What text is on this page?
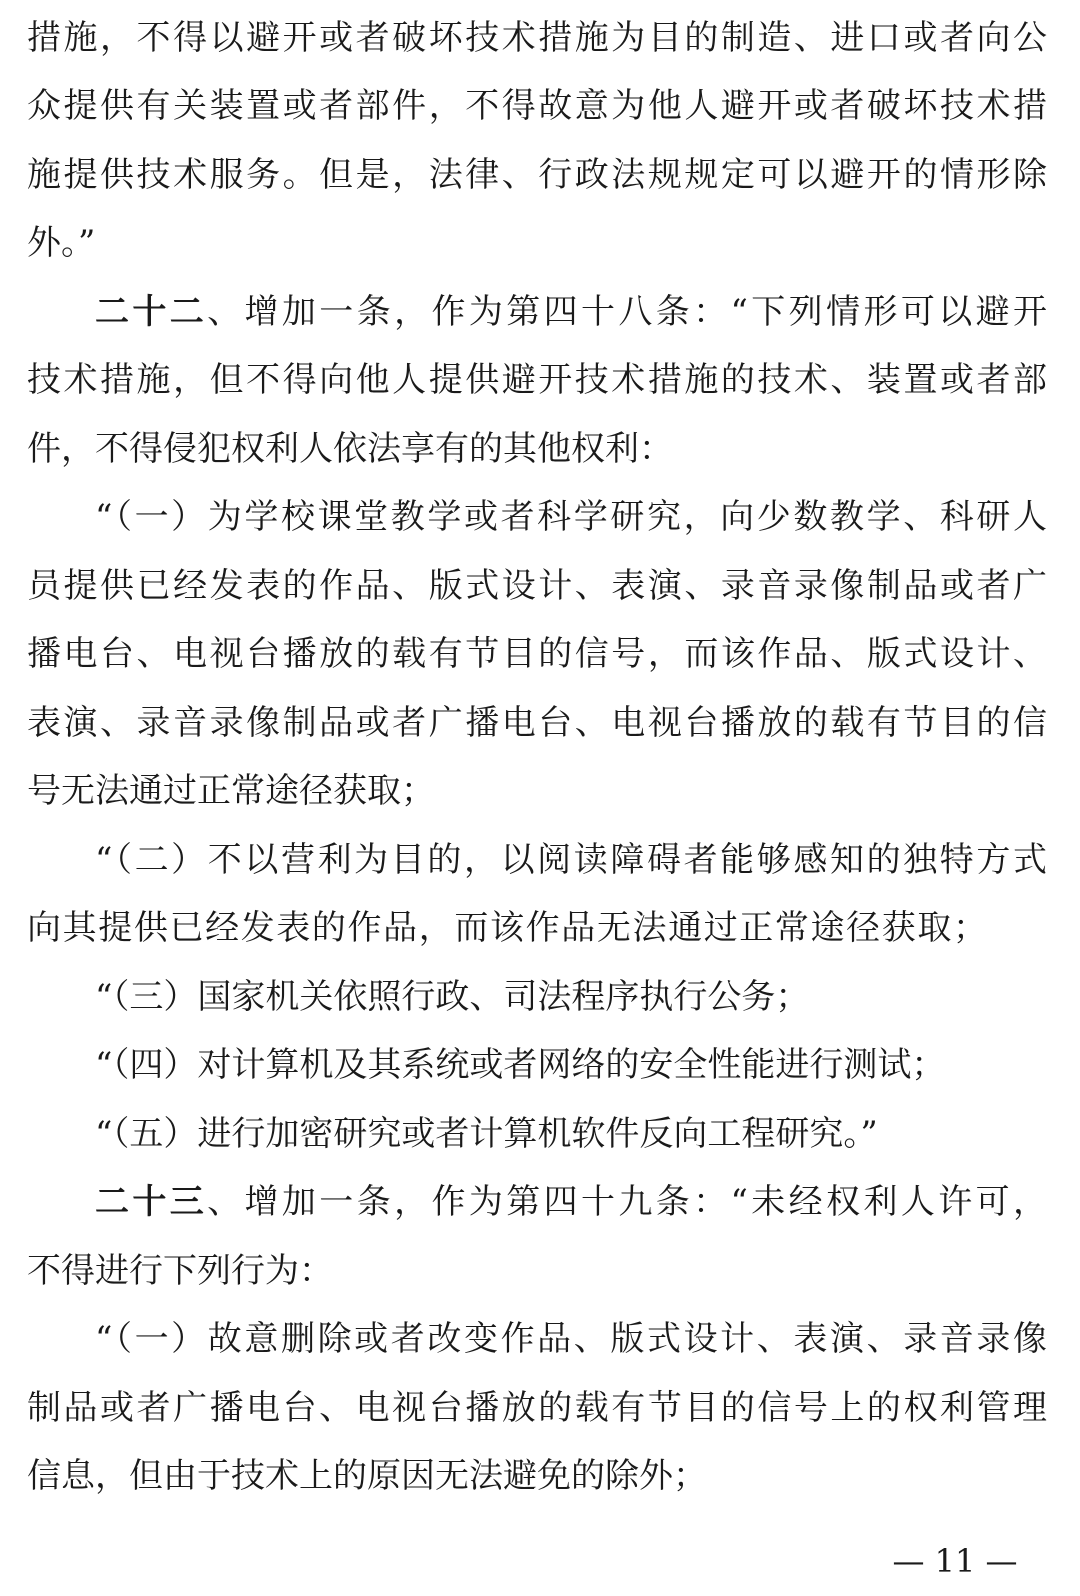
措施，不得以避开或者破坏技术措施为目的制造、进口或者向公
众提供有关装置或者部件，不得故意为他人避开或者破坏技术措
施提供技术服务。但是，法律、行政法规规定可以避开的情形除
外。”
二十二、增加一条，作为第四十八条：“下列情形可以避开
技术措施，但不得向他人提供避开技术措施的技术、装置或者部
件，不得侵犯权利人依法享有的其他权利：
“（一）为学校课堂教学或者科学研究，向少数教学、科研人
员提供已经发表的作品、版式设计、表演、录音录像制品或者广
播电台、电视台播放的载有节目的信号，而该作品、版式设计、
表演、录音录像制品或者广播电台、电视台播放的载有节目的信
号无法通过正常途径获取；
“（二）不以营利为目的，以阅读障碍者能够感知的独特方式
向其提供已经发表的作品，而该作品无法通过正常途径获取；
“（三）国家机关依照行政、司法程序执行公务；
“（四）对计算机及其系统或者网络的安全性能进行测试；
“（五）进行加密研究或者计算机软件反向工程研究。”
二十三、增加一条，作为第四十九条：“未经权利人许可，
不得进行下列行为：
“（一）故意删除或者改变作品、版式设计、表演、录音录像
制品或者广播电台、电视台播放的载有节目的信号上的权利管理
信息，但由于技术上的原因无法避免的除外；
— 11 —
